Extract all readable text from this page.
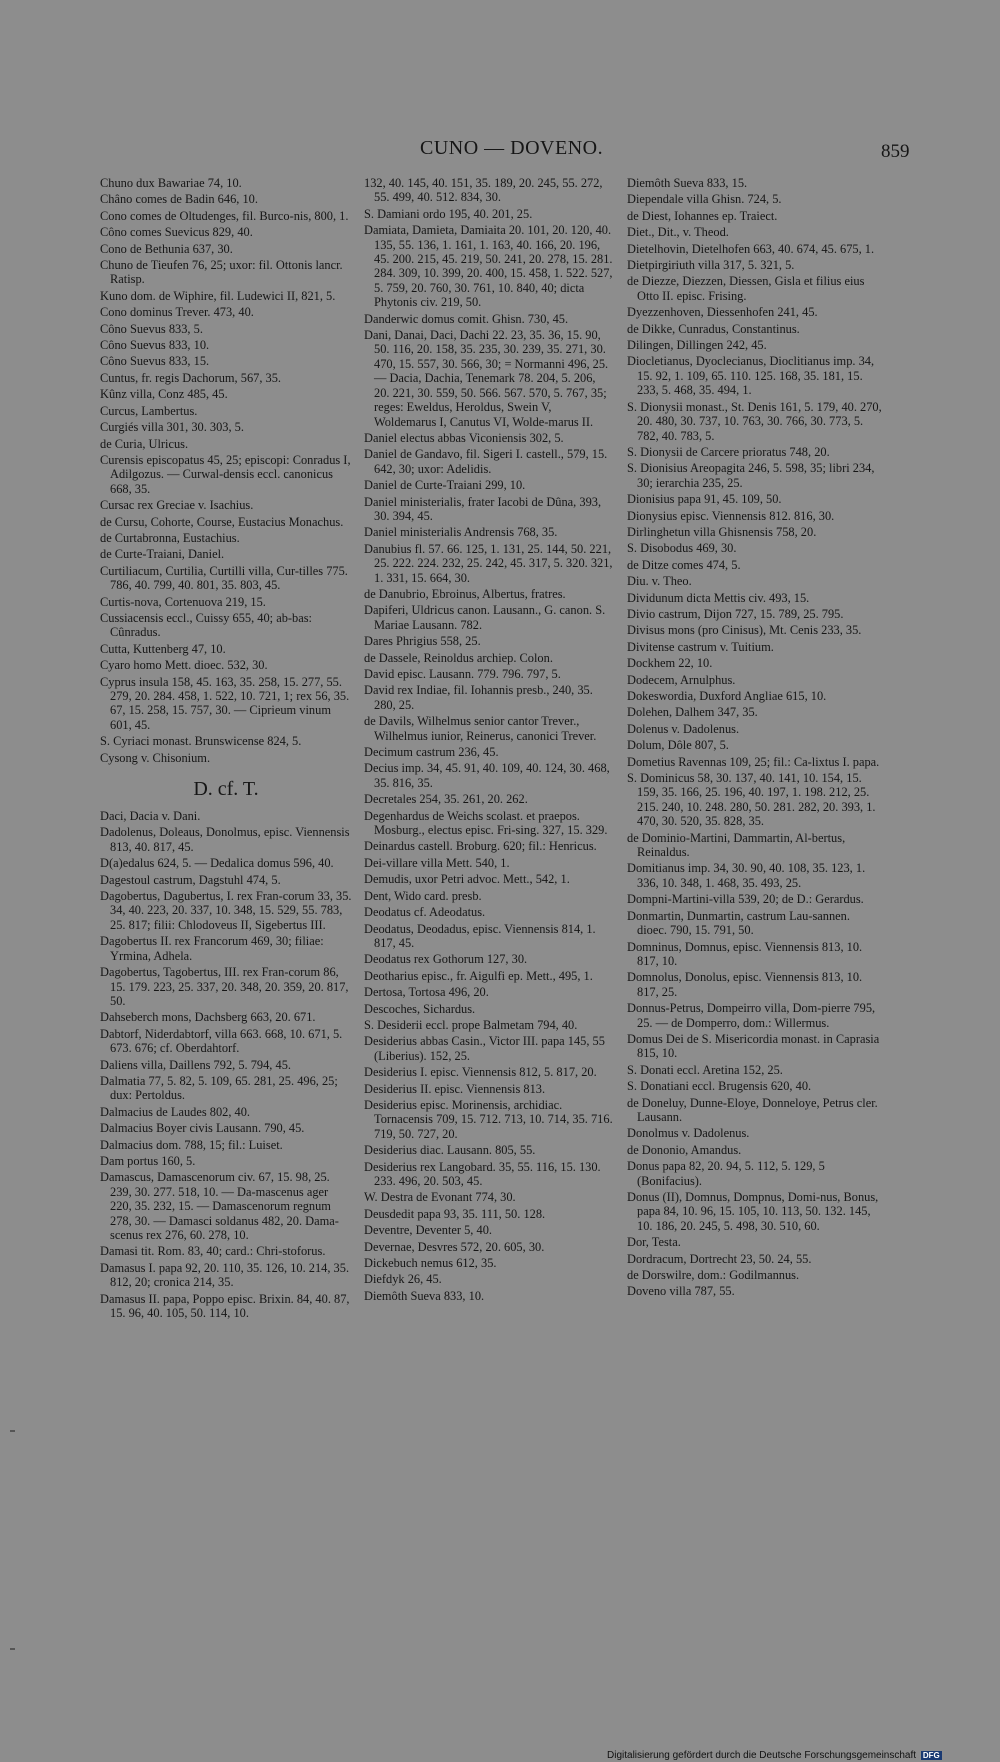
CUNO — DOVENO.	859
Chuno dux Bawariae 74, 10.
Châno comes de Badin 646, 10.
Cono comes de Oltudenges, fil. Burco-nis, 800, 1.
Côno comes Suevicus 829, 40.
Cono de Bethunia 637, 30.
Chuno de Tieufen 76, 25; uxor: fil. Ottonis lancr. Ratisp.
Kuno dom. de Wiphire, fil. Ludewici II, 821, 5.
Cono dominus Trever. 473, 40.
Côno Suevus 833, 5.
Côno Suevus 833, 10.
Côno Suevus 833, 15.
Cuntus, fr. regis Dachorum, 567, 35.
Kûnz villa, Conz 485, 45.
Curcus, Lambertus.
Curgiés villa 301, 30. 303, 5.
de Curia, Ulricus.
Curensis episcopatus 45, 25; episcopi: Conradus I, Adilgozus. — Curwal-densis eccl. canonicus 668, 35.
Cursac rex Greciae v. Isachius.
de Cursu, Cohorte, Course, Eustacius Monachus.
de Curtabronna, Eustachius.
de Curte-Traiani, Daniel.
Curtiliacum, Curtilia, Curtilli villa, Cur-tilles 775. 786, 40. 799, 40. 801, 35. 803, 45.
Curtis-nova, Cortenuova 219, 15.
Cussiacensis eccl., Cuissy 655, 40; ab-bas: Cûnradus.
Cutta, Kuttenberg 47, 10.
Cyaro homo Mett. dioec. 532, 30.
Cyprus insula 158, 45. 163, 35. 258, 15. 277, 55. 279, 20. 284. 458, 1. 522, 10. 721, 1; rex 56, 35. 67, 15. 258, 15. 757, 30. — Ciprieum vinum 601, 45.
S. Cyriaci monast. Brunswicense 824, 5.
Cysong v. Chisonium.
D. cf. T.
Daci, Dacia v. Dani.
Dadolenus, Doleaus, Donolmus, episc. Viennensis 813, 40. 817, 45.
D(a)edalus 624, 5. — Dedalica domus 596, 40.
Dagestoul castrum, Dagstuhl 474, 5.
Dagobertus, Dagubertus, I. rex Fran-corum 33, 35. 34, 40. 223, 20. 337, 10. 348, 15. 529, 55. 783, 25. 817; filii: Chlodoveus II, Sigebertus III.
Dagobertus II. rex Francorum 469, 30; filiae: Yrmina, Adhela.
Dagobertus, Tagobertus, III. rex Fran-corum 86, 15. 179. 223, 25. 337, 20. 348, 20. 359, 20. 817, 50.
Dahseberch mons, Dachsberg 663, 20. 671.
Dabtorf, Niderdabtorf, villa 663. 668, 10. 671, 5. 673. 676; cf. Oberdahtorf.
Daliens villa, Daillens 792, 5. 794, 45.
Dalmatia 77, 5. 82, 5. 109, 65. 281, 25. 496, 25; dux: Pertoldus.
Dalmacius de Laudes 802, 40.
Dalmacius Boyer civis Lausann. 790, 45.
Dalmacius dom. 788, 15; fil.: Luiset.
Dam portus 160, 5.
Damascus, Damascenorum civ. 67, 15. 98, 25. 239, 30. 277. 518, 10. — Da-mascenus ager 220, 35. 232, 15. — Damascenorum regnum 278, 30. — Damasci soldanus 482, 20. Dama-scenus rex 276, 60. 278, 10.
Damasi tit. Rom. 83, 40; card.: Chri-stoforus.
Damasus I. papa 92, 20. 110, 35. 126, 10. 214, 35. 812, 20; cronica 214, 35.
Damasus II. papa, Poppo episc. Brixin. 84, 40. 87, 15. 96, 40. 105, 50. 114, 10.
132, 40. 145, 40. 151, 35. 189, 20. 245, 55. 272, 55. 499, 40. 512. 834, 30.
S. Damiani ordo 195, 40. 201, 25.
Damiata, Damieta, Damiaita 20. 101, 20. 120, 40. 135, 55. 136, 1. 161, 1. 163, 40. 166, 20. 196, 45. 200. 215, 45. 219, 50. 241, 20. 278, 15. 281. 284. 309, 10. 399, 20. 400, 15. 458, 1. 522. 527, 5. 759, 20. 760, 30. 761, 10. 840, 40; dicta Phytonis civ. 219, 50.
Danderwic domus comit. Ghisn. 730, 45.
Dani, Danai, Daci, Dachi 22. 23, 35. 36, 15. 90, 50. 116, 20. 158, 35. 235, 30. 239, 35. 271, 30. 470, 15. 557, 30. 566, 30; = Normanni 496, 25. — Dacia, Dachia, Tenemark 78. 204, 5. 206, 20. 221, 30. 559, 50. 566. 567. 570, 5. 767, 35; reges: Eweldus, Heroldus, Swein V, Woldemarus I, Canutus VI, Wolde-marus II.
Daniel electus abbas Viconiensis 302, 5.
Daniel de Gandavo, fil. Sigeri I. castell., 579, 15. 642, 30; uxor: Adelidis.
Daniel de Curte-Traiani 299, 10.
Daniel ministerialis, frater Iacobi de Dûna, 393, 30. 394, 45.
Daniel ministerialis Andrensis 768, 35.
Danubius fl. 57. 66. 125, 1. 131, 25. 144, 50. 221, 25. 222. 224. 232, 25. 242, 45. 317, 5. 320. 321, 1. 331, 15. 664, 30.
de Danubrio, Ebroinus, Albertus, fratres.
Dapiferi, Uldricus canon. Lausann., G. canon. S. Mariae Lausann. 782.
Dares Phrigius 558, 25.
de Dassele, Reinoldus archiep. Colon.
David episc. Lausann. 779. 796. 797, 5.
David rex Indiae, fil. Iohannis presb., 240, 35. 280, 25.
de Davils, Wilhelmus senior cantor Trever., Wilhelmus iunior, Reinerus, canonici Trever.
Decimum castrum 236, 45.
Decius imp. 34, 45. 91, 40. 109, 40. 124, 30. 468, 35. 816, 35.
Decretales 254, 35. 261, 20. 262.
Degenhardus de Weichs scolast. et praepos. Mosburg., electus episc. Fri-sing. 327, 15. 329.
Deinardus castell. Broburg. 620; fil.: Henricus.
Dei-villare villa Mett. 540, 1.
Demudis, uxor Petri advoc. Mett., 542, 1.
Dent, Wido card. presb.
Deodatus cf. Adeodatus.
Deodatus, Deodadus, episc. Viennensis 814, 1. 817, 45.
Deodatus rex Gothorum 127, 30.
Deotharius episc., fr. Aigulfi ep. Mett., 495, 1.
Dertosa, Tortosa 496, 20.
Descoches, Sichardus.
S. Desiderii eccl. prope Balmetam 794, 40.
Desiderius abbas Casin., Victor III. papa 145, 55 (Liberius). 152, 25.
Desiderius I. episc. Viennensis 812, 5. 817, 20.
Desiderius II. episc. Viennensis 813.
Desiderius episc. Morinensis, archidiac. Tornacensis 709, 15. 712. 713, 10. 714, 35. 716. 719, 50. 727, 20.
Desiderius diac. Lausann. 805, 55.
Desiderius rex Langobard. 35, 55. 116, 15. 130. 233. 496, 20. 503, 45.
W. Destra de Evonant 774, 30.
Deusdedit papa 93, 35. 111, 50. 128.
Deventre, Deventer 5, 40.
Devernae, Desvres 572, 20. 605, 30.
Dickebuch nemus 612, 35.
Diefdyk 26, 45.
Diemôth Sueva 833, 10.
Diemôth Sueva 833, 15.
Diependale villa Ghisn. 724, 5.
de Diest, Iohannes ep. Traiect.
Diet., Dit., v. Theod.
Dietelhovin, Dietelhofen 663, 40. 674, 45. 675, 1.
Dietpirgiriuth villa 317, 5. 321, 5.
de Diezze, Diezzen, Diessen, Gisla et filius eius Otto II. episc. Frising.
Dyezzenhoven, Diessenhofen 241, 45.
de Dikke, Cunradus, Constantinus.
Dilingen, Dillingen 242, 45.
Diocletianus, Dyoclecianus, Dioclitianus imp. 34, 15. 92, 1. 109, 65. 110. 125. 168, 35. 181, 15. 233, 5. 468, 35. 494, 1.
S. Dionysii monast., St. Denis 161, 5. 179, 40. 270, 20. 480, 30. 737, 10. 763, 30. 766, 30. 773, 5. 782, 40. 783, 5.
S. Dionysii de Carcere prioratus 748, 20.
S. Dionisius Areopagita 246, 5. 598, 35; libri 234, 30; ierarchia 235, 25.
Dionisius papa 91, 45. 109, 50.
Dionysius episc. Viennensis 812. 816, 30.
Dirlinghetun villa Ghisnensis 758, 20.
S. Disobodus 469, 30.
de Ditze comes 474, 5.
Diu. v. Theo.
Dividunum dicta Mettis civ. 493, 15.
Divio castrum, Dijon 727, 15. 789, 25. 795.
Divisus mons (pro Cinisus), Mt. Cenis 233, 35.
Divitense castrum v. Tuitium.
Dockhem 22, 10.
Dodecem, Arnulphus.
Dokeswordia, Duxford Angliae 615, 10.
Dolehen, Dalhem 347, 35.
Dolenus v. Dadolenus.
Dolum, Dôle 807, 5.
Dometius Ravennas 109, 25; fil.: Ca-lixtus I. papa.
S. Dominicus 58, 30. 137, 40. 141, 10. 154, 15. 159, 35. 166, 25. 196, 40. 197, 1. 198. 212, 25. 215. 240, 10. 248. 280, 50. 281. 282, 20. 393, 1. 470, 30. 520, 35. 828, 35.
de Dominio-Martini, Dammartin, Al-bertus, Reinaldus.
Domitianus imp. 34, 30. 90, 40. 108, 35. 123, 1. 336, 10. 348, 1. 468, 35. 493, 25.
Dompni-Martini-villa 539, 20; de D.: Gerardus.
Donmartin, Dunmartin, castrum Lau-sannen. dioec. 790, 15. 791, 50.
Domninus, Domnus, episc. Viennensis 813, 10. 817, 10.
Domnolus, Donolus, episc. Viennensis 813, 10. 817, 25.
Donnus-Petrus, Dompeirro villa, Dom-pierre 795, 25. — de Domperro, dom.: Willermus.
Domus Dei de S. Misericordia monast. in Caprasia 815, 10.
S. Donati eccl. Aretina 152, 25.
S. Donatiani eccl. Brugensis 620, 40.
de Doneluy, Dunne-Eloye, Donneloye, Petrus cler. Lausann.
Donolmus v. Dadolenus.
de Dononio, Amandus.
Donus papa 82, 20. 94, 5. 112, 5. 129, 5 (Bonifacius).
Donus (II), Domnus, Dompnus, Domi-nus, Bonus, papa 84, 10. 96, 15. 105, 10. 113, 50. 132. 145, 10. 186, 20. 245, 5. 498, 30. 510, 60.
Dor, Testa.
Dordracum, Dortrecht 23, 50. 24, 55.
de Dorswilre, dom.: Godilmannus.
Doveno villa 787, 55.
Digitalisierung gefördert durch die Deutsche Forschungsgemeinschaft DFG
